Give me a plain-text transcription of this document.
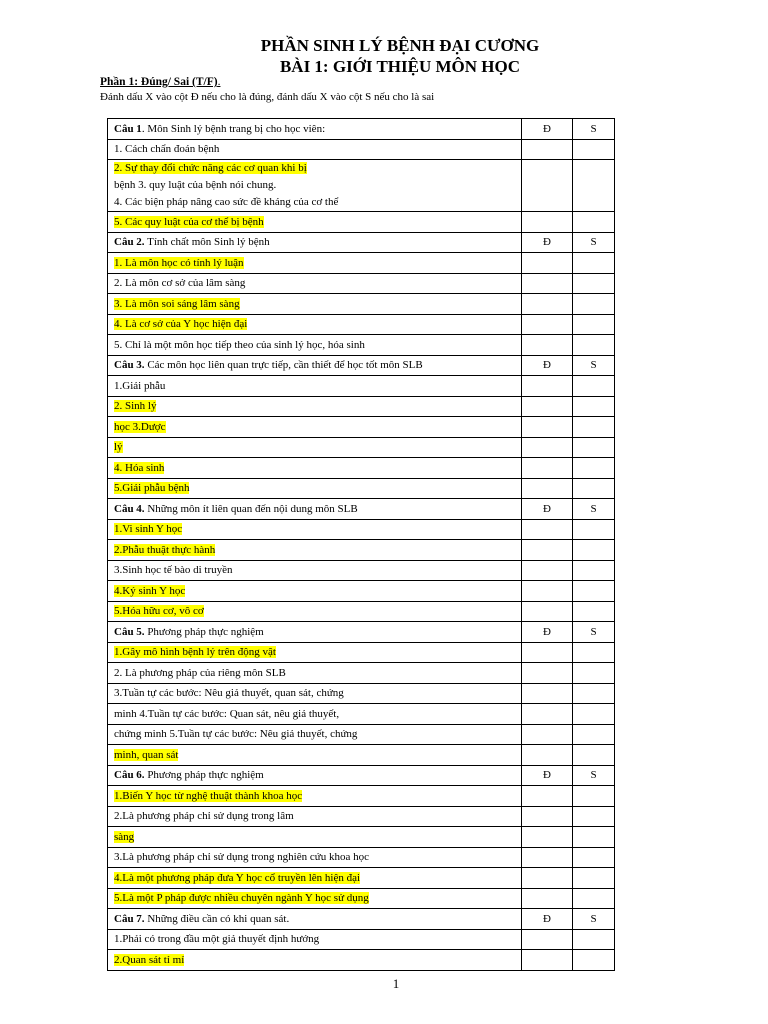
PHẦN SINH LÝ BỆNH ĐẠI CƯƠNG
BÀI 1: GIỚI THIỆU MÔN HỌC
Phần 1: Đúng/ Sai (T/F).
Đánh dấu X vào cột Đ nếu cho là đúng, đánh dấu X vào cột S nếu cho là sai
Câu 1. Môn Sinh lý bệnh trang bị cho học viên:	Đ	S
1. Cách chẩn đoán bệnh		
2. Sự thay đổi chức năng các cơ quan khi bị
bệnh 3. quy luật của bệnh nói chung.
4. Các biện pháp nâng cao sức đề kháng của cơ thể		
5. Các quy luật của cơ thể bị bệnh		
Câu 2. Tính chất môn Sinh lý bệnh	Đ	S
1. Là môn học có tính lý luận		
2. Là môn cơ sở của lâm sàng		
3. Là môn soi sáng lâm sàng		
4. Là cơ sở của Y học hiện đại		
5. Chỉ là một môn học tiếp theo của sinh lý học, hóa sinh		
Câu 3. Các môn học liên quan trực tiếp, cần thiết để học tốt môn SLB	Đ	S
1.Giải phẫu		
2. Sinh lý		
học 3.Dược		
lý		
4. Hóa sinh		
5.Giải phẫu bệnh		
Câu 4. Những môn ít liên quan đến nội dung môn SLB	Đ	S
1.Vi sinh Y học		
2.Phẫu thuật thực hành		
3.Sinh học tế bào di truyền		
4.Ký sinh Y học		
5.Hóa hữu cơ, vô cơ		
Câu 5. Phương pháp thực nghiệm	Đ	S
1.Gây mô hình bệnh lý trên động vật		
2. Là phương pháp của riêng môn SLB		
3.Tuần tự các bước: Nêu giả thuyết, quan sát, chứng		
minh 4.Tuần tự các bước: Quan sát, nêu giả thuyết,		
chứng minh 5.Tuần tự các bước: Nêu giả thuyết, chứng		
minh, quan sát		
Câu 6. Phương pháp thực nghiệm	Đ	S
1.Biến Y học từ nghệ thuật thành khoa học		
2.Là phương pháp chỉ sử dụng trong lâm		
sàng		
3.Là phương pháp chỉ sử dụng trong nghiên cứu khoa học		
4.Là một phương pháp đưa Y học cổ truyền lên hiện đại		
5.Là một P pháp được nhiều chuyên ngành Y học sử dụng		
Câu 7. Những điều cần có khi quan sát.	Đ	S
1.Phải có trong đầu một giả thuyết định hướng		
2.Quan sát tỉ mỉ		
1
